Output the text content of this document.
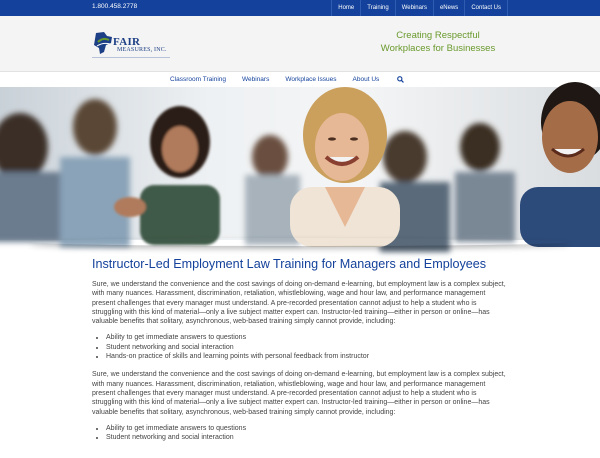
1.800.458.2778	Home	Training	Webinars	eNews	Contact Us
FAIR
MEASURES, INC.
Creating Respectful
Workplaces for Businesses
Classroom Training Webinars Workplace Issues About Us
Instructor-Led Employment Law Training for Managers and Employees

Sure, we understand the convenience and the cost savings of doing on-demand e-learning, but employment law is a complex subject, with many nuances. Harassment, discrimination, retaliation, whistleblowing, wage and hour law, and performance management present challenges that every manager must understand. A pre-recorded presentation cannot adjust to help a student who is struggling with this kind of material—only a live subject matter expert can. Instructor-led training—either in person or online—has valuable benefits that solitary, asynchronous, web-based training simply cannot provide, including:

• Ability to get immediate answers to questions
• Student networking and social interaction
• Hands-on practice of skills and learning points with personal feedback from instructor

Sure, we understand the convenience and the cost savings of doing on-demand e-learning, but employment law is a complex subject, with many nuances. Harassment, discrimination, retaliation, whistleblowing, wage and hour law, and performance management present challenges that every manager must understand. A pre-recorded presentation cannot adjust to help a student who is struggling with this kind of material—only a live subject matter expert can. Instructor-led training—either in person or online—has valuable benefits that solitary, asynchronous, web-based training simply cannot provide, including:

• Ability to get immediate answers to questions
• Student networking and social interaction
